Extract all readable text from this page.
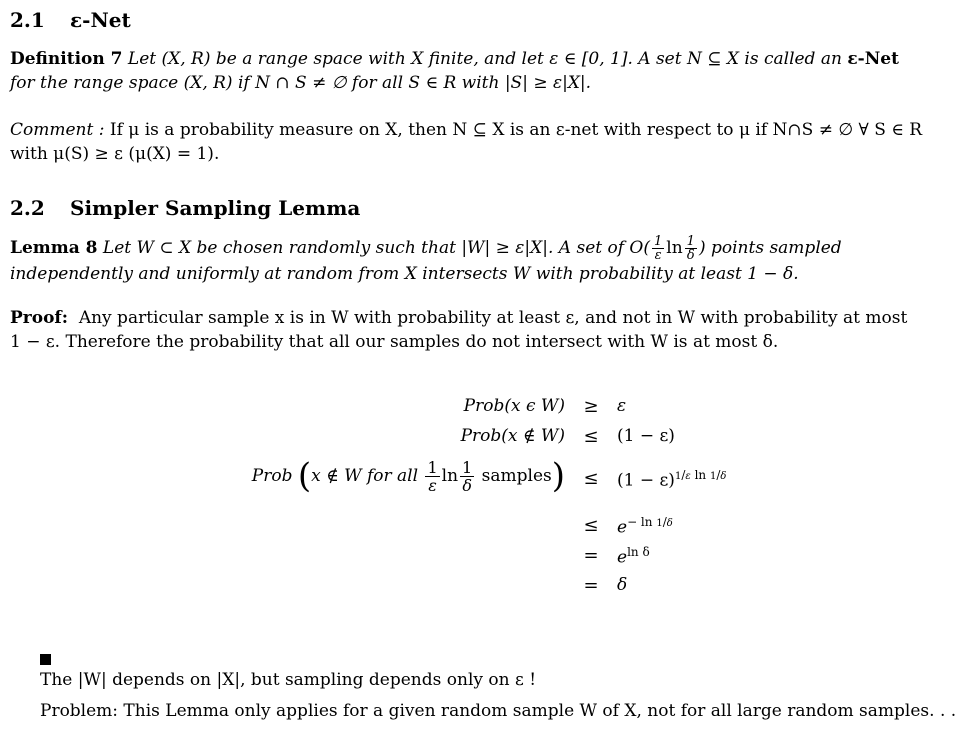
2.1 ε-Net
Definition 7 Let (X, R) be a range space with X finite, and let ε ∈ [0, 1]. A set N ⊆ X is called an ε-Net
for the range space (X, R) if N ∩ S ≠ ∅ for all S ∈ R with |S| ≥ ε|X|.
Comment : If μ is a probability measure on X, then N ⊆ X is an ε-net with respect to μ if N∩S ≠ ∅ ∀ S ∈ R
with μ(S) ≥ ε (μ(X) = 1).
2.2 Simpler Sampling Lemma
Lemma 8 Let W ⊂ X be chosen randomly such that |W| ≥ ε|X|. A set of $O( \frac{1}{\varepsilon}$ $\ln \frac{1}{\delta}$ ) points sampled
independently and uniformly at random from X intersects W with probability at least 1 − δ.
Proof: Any particular sample x is in W with probability at least ε, and not in W with probability at most
1 − ε. Therefore the probability that all our samples do not intersect with W is at most δ.
Prob(x ϵ W) ≥ ε
Prob(x ∉ W) ≤ (1 − ε)
Prob (x ∉ W for all $\frac{1}{\varepsilon}$ $\ln \frac{1}{\delta}$ samples) ≤ $(1 - \varepsilon)^{1/\varepsilon ln 1/\delta}$
≤ $e^{- ln 1/\delta}$
= $e^{ln \delta}$
= δ
The |W| depends on |X|, but sampling depends only on ε !
Problem: This Lemma only applies for a given random sample W of X, not for all large random samples. . .
